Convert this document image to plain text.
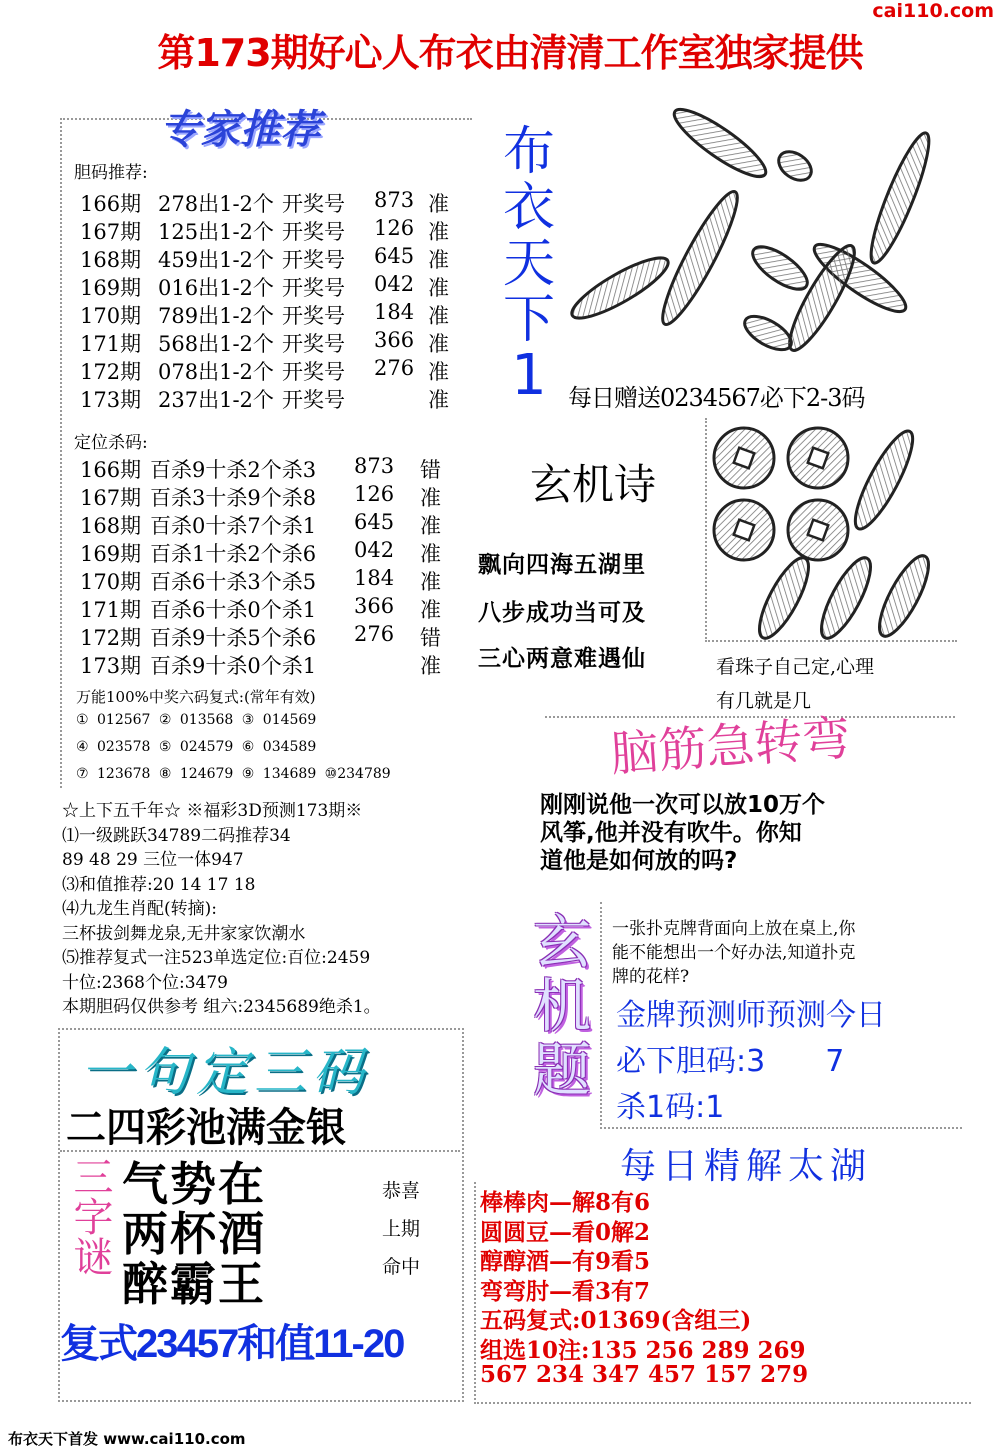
cai110.com
第173期好心人布衣由清清工作室独家提供
专家推荐
胆码推荐:
166期 278出1-2个 开奖号 873 准
167期 125出1-2个 开奖号 126 准
168期 459出1-2个 开奖号 645 准
169期 016出1-2个 开奖号 042 准
170期 789出1-2个 开奖号 184 准
171期 568出1-2个 开奖号 366 准
172期 078出1-2个 开奖号 276 准
173期 237出1-2个 开奖号	准
定位杀码:
166期 百杀9十杀2个杀3 873 错
167期 百杀3十杀9个杀8 126 准
168期 百杀0十杀7个杀1 645 准
169期 百杀1十杀2个杀6 042 准
170期 百杀6十杀3个杀5 184 准
171期 百杀6十杀0个杀1 366 准
172期 百杀9十杀5个杀6 276 错
173期 百杀9十杀0个杀1	准
万能100%中奖六码复式:(常年有效)
① 012567 ② 013568 ③ 014569
④ 023578 ⑤ 024579 ⑥ 034589
⑦ 123678 ⑧ 124679 ⑨ 134689 ⑩234789
☆上下五千年☆ ※福彩3D预测173期※
⑴一级跳跃34789二码推荐34
89 48 29 三位一体947
⑶和值推荐:20 14 17 18
⑷九龙生肖配(转摘):
三杯拔剑舞龙泉,无井家家饮潮水
⑸推荐复式一注523单选定位:百位:2459
十位:2368个位:3479
本期胆码仅供参考 组六:2345689绝杀1。
一句定三码
二四彩池满金银
三字谜 气势在
两杯酒
醉霸王
恭喜
上期
命中
复式23457和值11-20
布
衣
天
下
1 每日赠送0234567必下2-3码
玄机诗
飘向四海五湖里
八步成功当可及
三心两意难遇仙	看珠子自己定,心理
有几就是几
脑筋急转弯
刚刚说他一次可以放10万个
风筝,他并没有吹牛。你知
道他是如何放的吗?
玄
机
题
一张扑克牌背面向上放在桌上,你
能不能想出一个好办法,知道扑克
牌的花样?
金牌预测师预测今日
必下胆码:3　　7
杀1码:1
每日精解太湖
棒棒肉—解8有6
圆圆豆—看0解2
醇醇酒—有9看5
弯弯肘—看3有7
五码复式:01369(含组三)
组选10注:135 256 289 269
567 234 347 457 157 279
布衣天下首发 www.cai110.com
